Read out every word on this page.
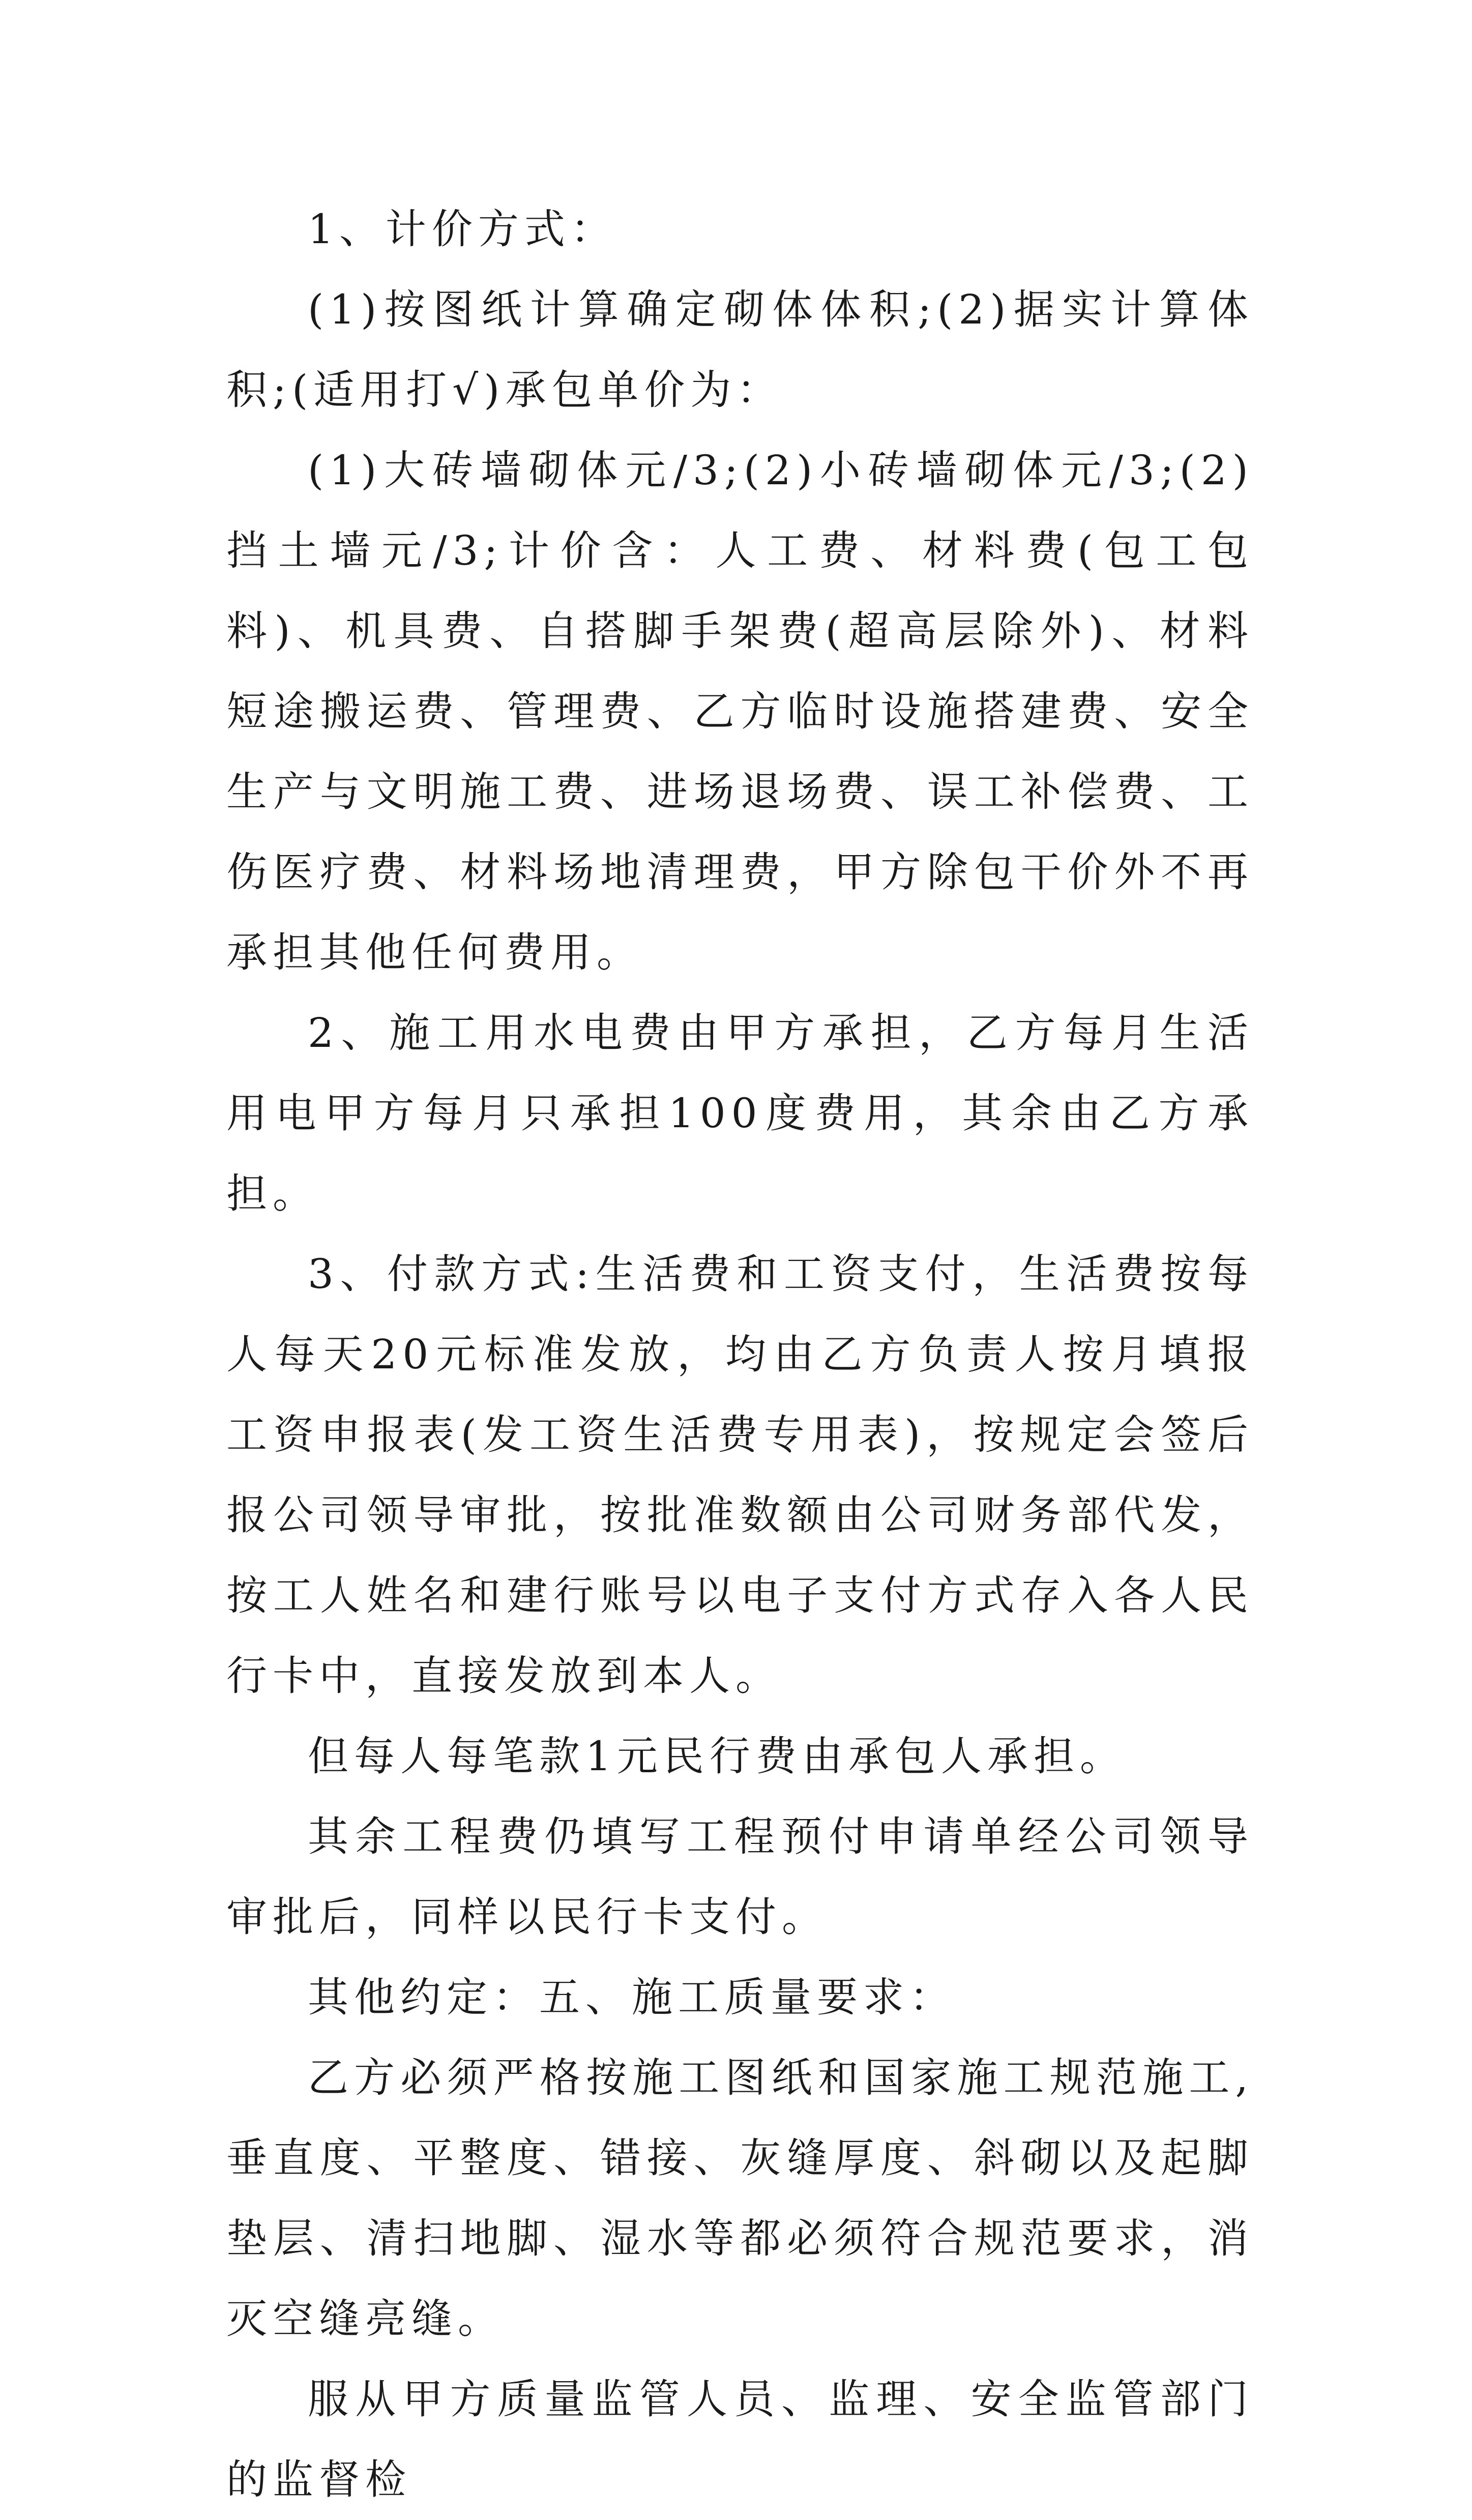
1、计价方式：

(1)按图纸计算确定砌体体积;(2)据实计算体积;(适用打√)承包单价为：

(1)大砖墙砌体元/3;(2)小砖墙砌体元/3;(2)挡土墙元/3;计价含：人工费、材料费(包工包料)、机具费、自搭脚手架费(超高层除外)、材料短途搬运费、管理费、乙方临时设施搭建费、安全生产与文明施工费、进场退场费、误工补偿费、工伤医疗费、材料场地清理费，甲方除包干价外不再承担其他任何费用。

2、施工用水电费由甲方承担，乙方每月生活用电甲方每月只承担100度费用，其余由乙方承担。

3、付款方式:生活费和工资支付，生活费按每人每天20元标准发放，均由乙方负责人按月填报工资申报表(发工资生活费专用表)，按规定会签后报公司领导审批，按批准数额由公司财务部代发，按工人姓名和建行账号以电子支付方式存入各人民行卡中，直接发放到本人。

但每人每笔款1元民行费由承包人承担。

其余工程费仍填写工程预付申请单经公司领导审批后，同样以民行卡支付。

其他约定：五、施工质量要求：

乙方必须严格按施工图纸和国家施工规范施工,垂直度、平整度、错接、灰缝厚度、斜砌以及起脚垫层、清扫地脚、湿水等都必须符合规范要求，消灭空缝亮缝。

服从甲方质量监管人员、监理、安全监管部门的监督检
